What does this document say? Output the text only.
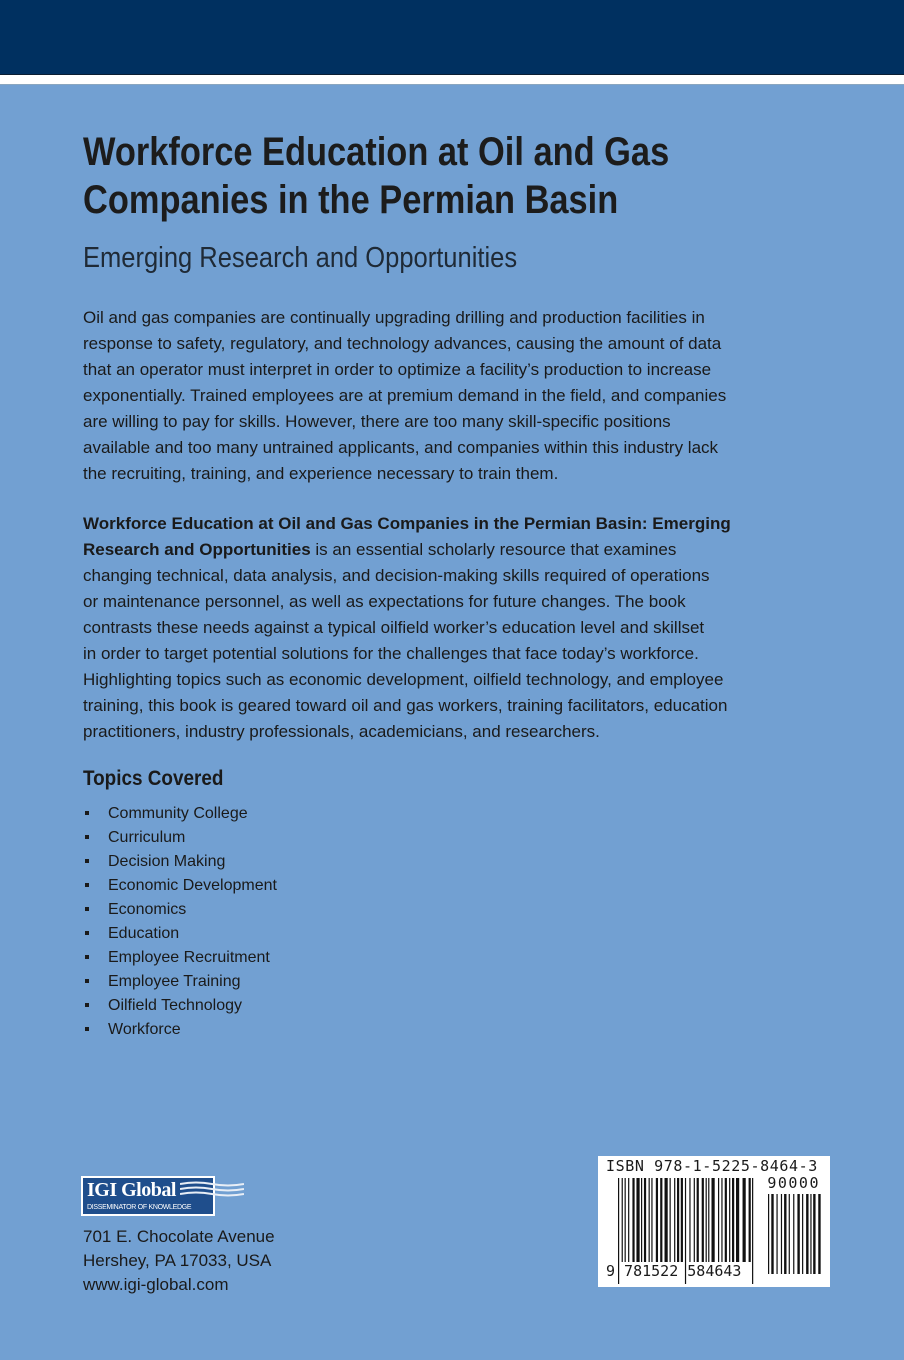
Workforce Education at Oil and Gas
Companies in the Permian Basin
Emerging Research and Opportunities
Oil and gas companies are continually upgrading drilling and production facilities in
response to safety, regulatory, and technology advances, causing the amount of data
that an operator must interpret in order to optimize a facility’s production to increase
exponentially. Trained employees are at premium demand in the field, and companies
are willing to pay for skills. However, there are too many skill-specific positions
available and too many untrained applicants, and companies within this industry lack
the recruiting, training, and experience necessary to train them.
Workforce Education at Oil and Gas Companies in the Permian Basin: Emerging
Research and Opportunities is an essential scholarly resource that examines
changing technical, data analysis, and decision-making skills required of operations
or maintenance personnel, as well as expectations for future changes. The book
contrasts these needs against a typical oilfield worker’s education level and skillset
in order to target potential solutions for the challenges that face today’s workforce.
Highlighting topics such as economic development, oilfield technology, and employee
training, this book is geared toward oil and gas workers, training facilitators, education
practitioners, industry professionals, academicians, and researchers.
Topics Covered
Community College
Curriculum
Decision Making
Economic Development
Economics
Education
Employee Recruitment
Employee Training
Oilfield Technology
Workforce
IGI Global
DISSEMINATOR OF KNOWLEDGE
701 E. Chocolate Avenue
Hershey, PA 17033, USA
www.igi-global.com
ISBN 978-1-5225-8464-3
90000
9 781522 584643
